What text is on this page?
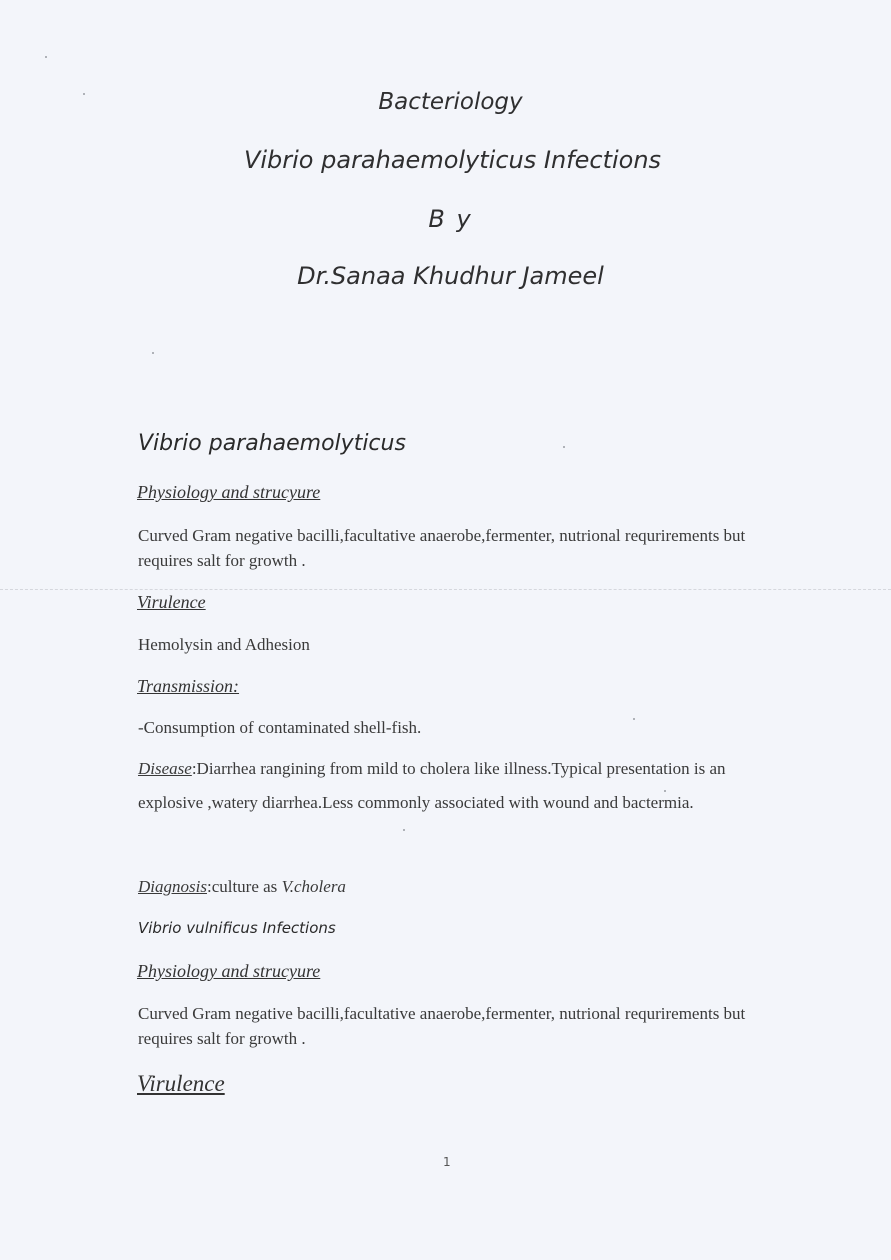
Bacteriology
Vibrio parahaemolyticus Infections
B y
Dr.Sanaa Khudhur Jameel
Vibrio parahaemolyticus
Physiology and strucyure
Curved Gram negative bacilli,facultative anaerobe,fermenter, nutrional requrirements but requires salt for growth .
Virulence
Hemolysin and Adhesion
Transmission:
-Consumption of contaminated shell-fish.
Disease:Diarrhea rangining from mild to cholera like illness.Typical presentation is an explosive ,watery diarrhea.Less commonly associated with wound and bactermia.
Diagnosis:culture as V.cholera
Vibrio vulnificus Infections
Physiology and strucyure
Curved Gram negative bacilli,facultative anaerobe,fermenter, nutrional requrirements but requires salt for growth .
Virulence
1
